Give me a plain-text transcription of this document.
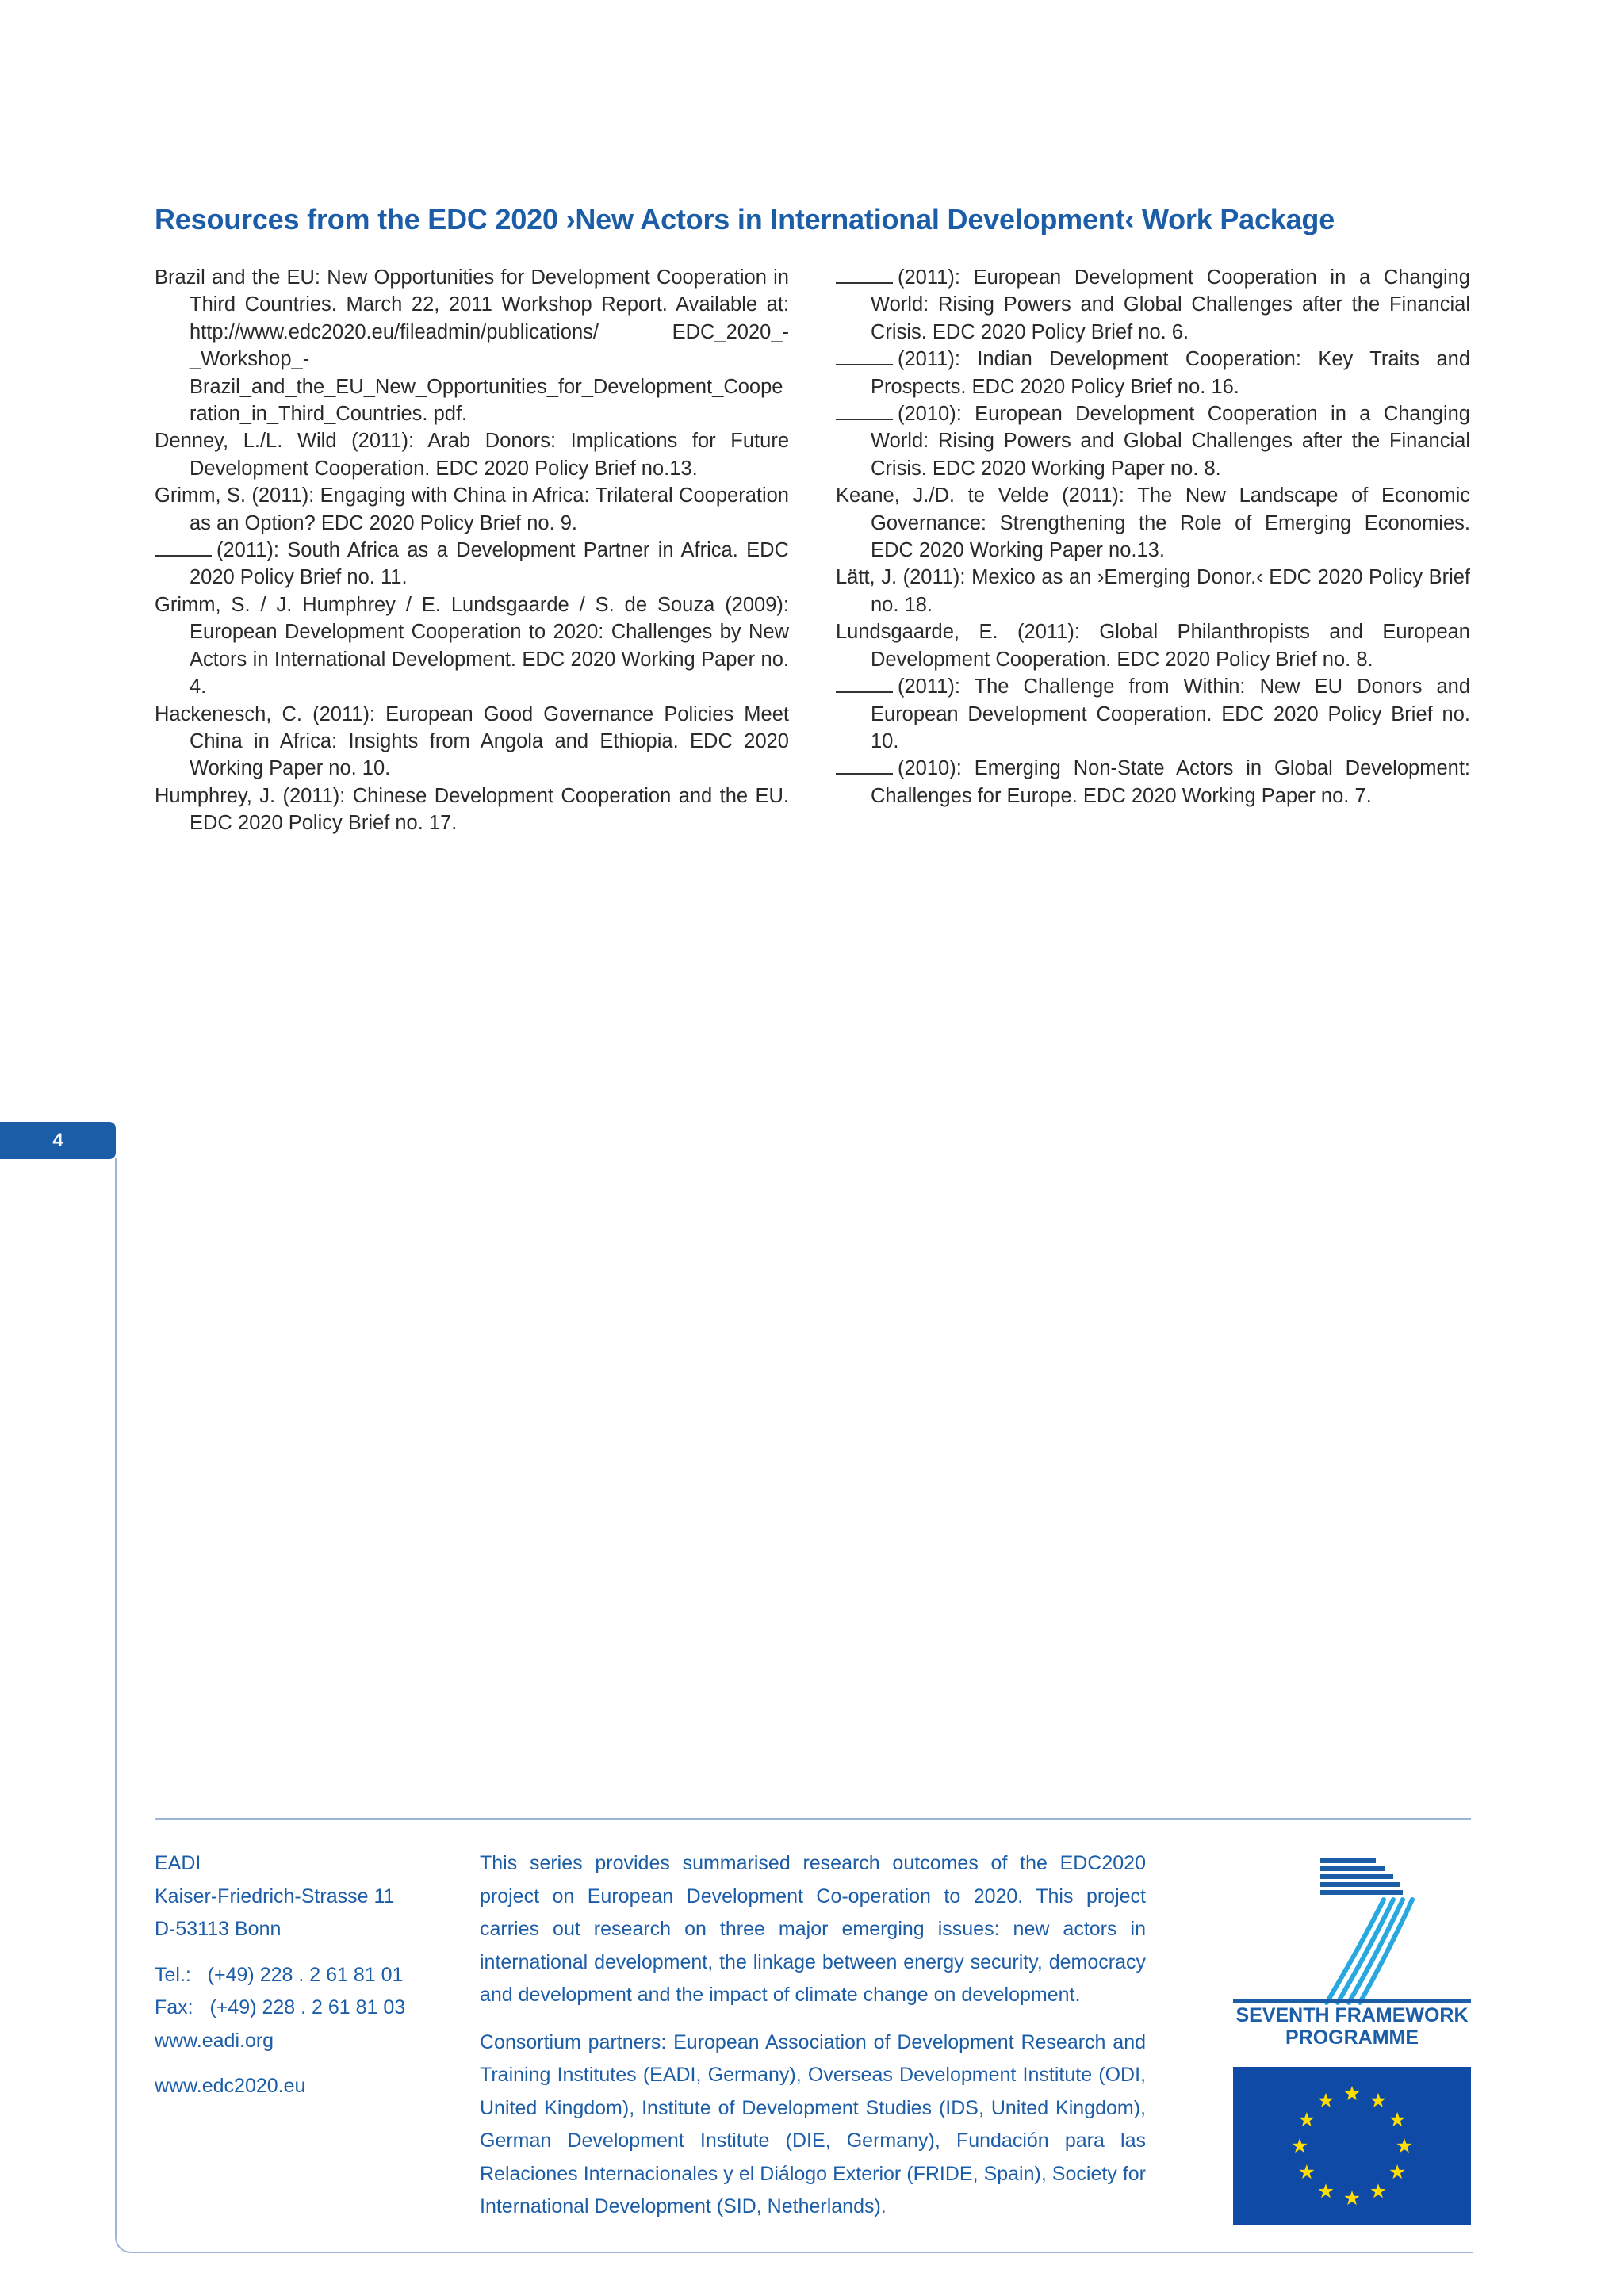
Resources from the EDC 2020 ›New Actors in International Development‹ Work Package

Brazil and the EU: New Opportunities for Development Cooperation in Third Countries. March 22, 2011 Workshop Report. Available at: http://www.edc2020.eu/fileadmin/publications/ EDC_2020_-_Workshop_-Brazil_and_the_EU_New_Opportunities_for_Development_Cooperation_in_Third_Countries. pdf.

Denney, L./L. Wild (2011): Arab Donors: Implications for Future Development Cooperation. EDC 2020 Policy Brief no.13.

Grimm, S. (2011): Engaging with China in Africa: Trilateral Cooperation as an Option? EDC 2020 Policy Brief no. 9.

(2011): South Africa as a Development Partner in Africa. EDC 2020 Policy Brief no. 11.

Grimm, S. / J. Humphrey / E. Lundsgaarde / S. de Souza (2009): European Development Cooperation to 2020: Challenges by New Actors in International Development. EDC 2020 Working Paper no. 4.

Hackenesch, C. (2011): European Good Governance Policies Meet China in Africa: Insights from Angola and Ethiopia. EDC 2020 Working Paper no. 10.

Humphrey, J. (2011): Chinese Development Cooperation and the EU. EDC 2020 Policy Brief no. 17.

(2011): European Development Cooperation in a Changing World: Rising Powers and Global Challenges after the Financial Crisis. EDC 2020 Policy Brief no. 6.

(2011): Indian Development Cooperation: Key Traits and Prospects. EDC 2020 Policy Brief no. 16.

(2010): European Development Cooperation in a Changing World: Rising Powers and Global Challenges after the Financial Crisis. EDC 2020 Working Paper no. 8.

Keane, J./D. te Velde (2011): The New Landscape of Economic Governance: Strengthening the Role of Emerging Economies. EDC 2020 Working Paper no.13.

Lätt, J. (2011): Mexico as an ›Emerging Donor.‹ EDC 2020 Policy Brief no. 18.

Lundsgaarde, E. (2011): Global Philanthropists and European Development Cooperation. EDC 2020 Policy Brief no. 8.

(2011): The Challenge from Within: New EU Donors and European Development Cooperation. EDC 2020 Policy Brief no. 10.

(2010): Emerging Non-State Actors in Global Development: Challenges for Europe. EDC 2020 Working Paper no. 7.

4

EADI

Kaiser-Friedrich-Strasse 11

D-53113 Bonn

Tel.:   (+49) 228 . 2 61 81 01

Fax:   (+49) 228 . 2 61 81 03

www.eadi.org

www.edc2020.eu

This series provides summarised research outcomes of the EDC2020 project on European Development Co-operation to 2020. This project carries out research on three major emerging issues: new actors in international development, the linkage between energy security, democracy and development and the impact of climate change on development.

Consortium partners: European Association of Development Research and Training Institutes (EADI, Germany), Overseas Development Institute (ODI, United Kingdom), Institute of Development Studies (IDS, United Kingdom), German Development Institute (DIE, Germany), Fundación para las Relaciones Internacionales y el Diálogo Exterior (FRIDE, Spain), Society for International Development (SID, Netherlands).

SEVENTH FRAMEWORK
PROGRAMME
